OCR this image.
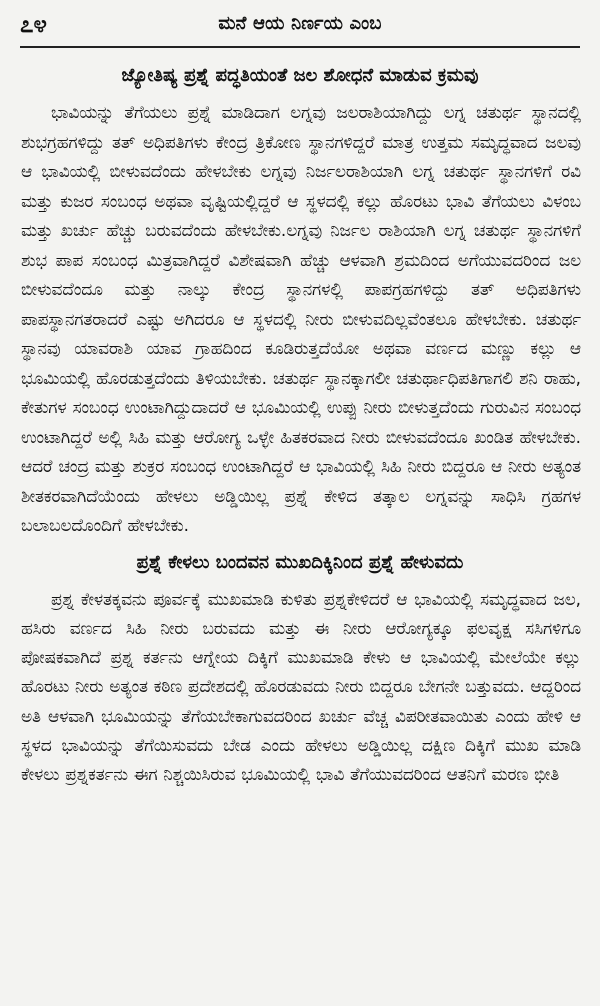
೭೪	ಮನೆ ಆಯ ನಿರ್ಣಯ ಎಂಬ
ಜ್ಯೋತಿಷ್ಯ ಪ್ರಶ್ನೆ ಪದ್ಧತಿಯಂತೆ ಜಲ ಶೋಧನೆ ಮಾಡುವ ಕ್ರಮವು

ಭಾವಿಯನ್ನು ತೆಗೆಯಲು ಪ್ರಶ್ನೆ ಮಾಡಿದಾಗ ಲಗ್ನವು ಜಲರಾಶಿಯಾಗಿದ್ದು ಲಗ್ನ ಚತುರ್ಥ ಸ್ಥಾನದಲ್ಲಿ ಶುಭಗ್ರಹಗಳಿದ್ದು ತತ್ ಅಧಿಪತಿಗಳು ಕೇಂದ್ರ ತ್ರಿಕೋಣ ಸ್ಥಾನಗಳಿದ್ದರೆ ಮಾತ್ರ ಉತ್ತಮ ಸಮೃದ್ಧವಾದ ಜಲವು ಆ ಭಾವಿಯಲ್ಲಿ ಬೀಳುವದೆಂದು ಹೇಳಬೇಕು ಲಗ್ನವು ನಿರ್ಜಲರಾಶಿಯಾಗಿ ಲಗ್ನ ಚತುರ್ಥ ಸ್ಥಾನಗಳಿಗೆ ರವಿ ಮತ್ತು ಕುಜರ ಸಂಬಂಧ ಅಥವಾ ವೃಷ್ಟಿಯಲ್ಲಿದ್ದರೆ ಆ ಸ್ಥಳದಲ್ಲಿ ಕಲ್ಲು ಹೊರಟು ಭಾವಿ ತೆಗೆಯಲು ವಿಳಂಬ ಮತ್ತು ಖರ್ಚು ಹೆಚ್ಚು ಬರುವದೆಂದು ಹೇಳಬೇಕು.ಲಗ್ನವು ನಿರ್ಜಲ ರಾಶಿಯಾಗಿ ಲಗ್ನ ಚತುರ್ಥ ಸ್ಥಾನಗಳಿಗೆ ಶುಭ ಪಾಪ ಸಂಬಂಧ ಮಿತ್ರವಾಗಿದ್ದರೆ ವಿಶೇಷವಾಗಿ ಹೆಚ್ಚು ಆಳವಾಗಿ ಶ್ರಮದಿಂದ ಅಗೆಯುವದರಿಂದ ಜಲ ಬೀಳುವದೆಂದೂ ಮತ್ತು ನಾಲ್ಕು ಕೇಂದ್ರ ಸ್ಥಾನಗಳಲ್ಲಿ ಪಾಪಗ್ರಹಗಳಿದ್ದು ತತ್ ಅಧಿಪತಿಗಳು ಪಾಪಸ್ಥಾನಗತರಾದರೆ ಎಷ್ಟು ಅಗಿದರೂ ಆ ಸ್ಥಳದಲ್ಲಿ ನೀರು ಬೀಳುವದಿಲ್ಲವೆಂತಲೂ ಹೇಳಬೇಕು. ಚತುರ್ಥ ಸ್ಥಾನವು ಯಾವರಾಶಿ ಯಾವ ಗ್ರಾಹದಿಂದ ಕೂಡಿರುತ್ತದೆಯೋ ಅಥವಾ ವರ್ಣದ ಮಣ್ಣು ಕಲ್ಲು ಆ ಭೂಮಿಯಲ್ಲಿ ಹೊರಡುತ್ತದೆಂದು ತಿಳಿಯಬೇಕು. ಚತುರ್ಥ ಸ್ಥಾನಕ್ಕಾಗಲೀ ಚತುರ್ಥಾಧಿಪತಿಗಾಗಲಿ ಶನಿ ರಾಹು, ಕೇತುಗಳ ಸಂಬಂಧ ಉಂಟಾಗಿದ್ದುದಾದರೆ ಆ ಭೂಮಿಯಲ್ಲಿ ಉಪ್ಪು ನೀರು ಬೀಳುತ್ತದೆಂದು ಗುರುವಿನ ಸಂಬಂಧ ಉಂಟಾಗಿದ್ದರೆ ಅಲ್ಲಿ ಸಿಹಿ ಮತ್ತು ಆರೋಗ್ಯ ಒಳ್ಳೇ ಹಿತಕರವಾದ ನೀರು ಬೀಳುವದೆಂದೂ ಖಂಡಿತ ಹೇಳಬೇಕು. ಆದರೆ ಚಂದ್ರ ಮತ್ತು ಶುಕ್ರರ ಸಂಬಂಧ ಉಂಟಾಗಿದ್ದರೆ ಆ ಭಾವಿಯಲ್ಲಿ ಸಿಹಿ ನೀರು ಬಿದ್ದರೂ ಆ ನೀರು ಅತ್ಯಂತ ಶೀತಕರವಾಗಿದೆಯೆಂದು ಹೇಳಲು ಅಡ್ಡಿಯಿಲ್ಲ ಪ್ರಶ್ನೆ ಕೇಳಿದ ತತ್ಕಾಲ ಲಗ್ನವನ್ನು ಸಾಧಿಸಿ ಗ್ರಹಗಳ ಬಲಾಬಲದೊಂದಿಗೆ ಹೇಳಬೇಕು.

ಪ್ರಶ್ನೆ ಕೇಳಲು ಬಂದವನ ಮುಖದಿಕ್ಕಿನಿಂದ ಪ್ರಶ್ನೆ ಹೇಳುವದು

ಪ್ರಶ್ನ ಕೇಳತಕ್ಕವನು ಪೂರ್ವಕ್ಕೆ ಮುಖಮಾಡಿ ಕುಳಿತು ಪ್ರಶ್ನಕೇಳಿದರೆ ಆ ಭಾವಿಯಲ್ಲಿ ಸಮೃದ್ಧವಾದ ಜಲ, ಹಸಿರು ವರ್ಣದ ಸಿಹಿ ನೀರು ಬರುವದು ಮತ್ತು ಈ ನೀರು ಆರೋಗ್ಯಕ್ಕೂ ಫಲವೃಕ್ಷ ಸಸಿಗಳಿಗೂ ಪೋಷಕವಾಗಿದೆ ಪ್ರಶ್ನ ಕರ್ತನು ಆಗ್ನೇಯ ದಿಕ್ಕಿಗೆ ಮುಖಮಾಡಿ ಕೇಳು ಆ ಭಾವಿಯಲ್ಲಿ ಮೇಲೆಯೇ ಕಲ್ಲು ಹೊರಟು ನೀರು ಅತ್ಯಂತ ಕಠಿಣ ಪ್ರದೇಶದಲ್ಲಿ ಹೊರಡುವದು ನೀರು ಬಿದ್ದರೂ ಬೇಗನೇ ಬತ್ತುವದು. ಆದ್ದರಿಂದ ಅತಿ ಆಳವಾಗಿ ಭೂಮಿಯನ್ನು ತೆಗೆಯಬೇಕಾಗುವದರಿಂದ ಖರ್ಚು ವೆಚ್ಚ ವಿಪರೀತವಾಯಿತು ಎಂದು ಹೇಳಿ ಆ ಸ್ಥಳದ ಭಾವಿಯನ್ನು ತೆಗೆಯಿಸುವದು ಬೇಡ ಎಂದು ಹೇಳಲು ಅಡ್ಡಿಯಿಲ್ಲ ದಕ್ಷಿಣ ದಿಕ್ಕಿಗೆ ಮುಖ ಮಾಡಿ ಕೇಳಲು ಪ್ರಶ್ನಕರ್ತನು ಈಗ ನಿಶ್ಚಯಿಸಿರುವ ಭೂಮಿಯಲ್ಲಿ ಭಾವಿ ತೆಗೆಯುವದರಿಂದ ಆತನಿಗೆ ಮರಣ ಭೀತಿ
